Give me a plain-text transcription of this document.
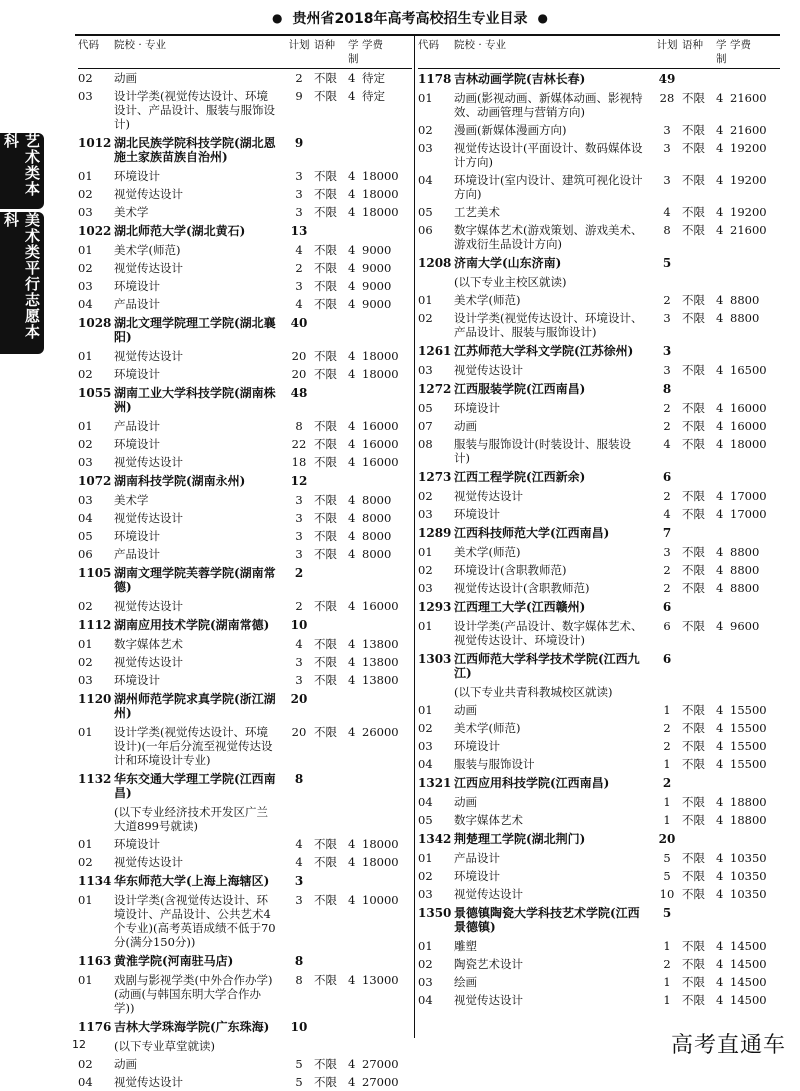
● 贵州省2018年高考高校招生专业目录 ●
艺术类本科
美术类平行志愿本科
代码	院校 · 专业	计划 语种	学制
学费
02	动画	2 不限 4 待定
03	设计学类(视觉传达设计、环境设计、产品设计、服装与服饰设计)
9 不限 4 待定
1012 湖北民族学院科技学院(湖北恩施土家族苗族自治州)
9
01	环境设计	3 不限 4 18000
02	视觉传达设计	3 不限 4 18000
03	美术学	3 不限 4 18000
1022 湖北师范大学(湖北黄石)	13
01	美术学(师范)	4 不限 4 9000
02	视觉传达设计	2 不限 4 9000
03	环境设计	3 不限 4 9000
04	产品设计	4 不限 4 9000
1028 湖北文理学院理工学院(湖北襄阳)
40
01	视觉传达设计	20 不限 4 18000
02	环境设计	20 不限 4 18000
1055 湖南工业大学科技学院(湖南株洲)
48
01	产品设计	8 不限 4 16000
02	环境设计	22 不限 4 16000
03	视觉传达设计	18 不限 4 16000
1072 湖南科技学院(湖南永州)	12
03	美术学	3 不限 4 8000
04	视觉传达设计	3 不限 4 8000
05	环境设计	3 不限 4 8000
06	产品设计	3 不限 4 8000
1105 湖南文理学院芙蓉学院(湖南常德)
2
02	视觉传达设计	2 不限 4 16000
1112 湖南应用技术学院(湖南常德)	10
01	数字媒体艺术	4 不限 4 13800
02	视觉传达设计	3 不限 4 13800
03	环境设计	3 不限 4 13800
1120 湖州师范学院求真学院(浙江湖州)
20
01	设计学类(视觉传达设计、环境设计)(一年后分流至视觉传达设计和环境设计专业)
20 不限 4 26000
1132 华东交通大学理工学院(江西南昌)
8
(以下专业经济技术开发区广兰大道899号就读)
01	环境设计	4 不限 4 18000
02	视觉传达设计	4 不限 4 18000
1134 华东师范大学(上海上海辖区)	3
01	设计学类(含视觉传达设计、环境设计、产品设计、公共艺术4个专业)(高考英语成绩不低于70分(满分150分))
3 不限 4 10000
1163 黄淮学院(河南驻马店)	8
01	戏剧与影视学类(中外合作办学)(动画(与韩国东明大学合作办学))
8 不限 4 13000
1176 吉林大学珠海学院(广东珠海)	10
(以下专业草堂就读)
02	动画	5 不限 4 27000
04	视觉传达设计	5 不限 4 27000
代码	院校 · 专业	计划 语种	学制
学费
1178 吉林动画学院(吉林长春)	49
01	动画(影视动画、新媒体动画、影视特效、动画管理与营销方向)
28 不限 4 21600
02	漫画(新媒体漫画方向)	3 不限 4 21600
03	视觉传达设计(平面设计、数码媒体设计方向)
3 不限 4 19200
04	环境设计(室内设计、建筑可视化设计方向)
3 不限 4 19200
05	工艺美术	4 不限 4 19200
06	数字媒体艺术(游戏策划、游戏美术、游戏衍生品设计方向)
8 不限 4 21600
1208 济南大学(山东济南)	5
(以下专业主校区就读)
01	美术学(师范)	2 不限 4 8800
02	设计学类(视觉传达设计、环境设计、产品设计、服装与服饰设计)
3 不限 4 8800
1261 江苏师范大学科文学院(江苏徐州)	3
03	视觉传达设计	3 不限 4 16500
1272 江西服装学院(江西南昌)	8
05	环境设计	2 不限 4 16000
07	动画	2 不限 4 16000
08	服装与服饰设计(时装设计、服装设计)
4 不限 4 18000
1273 江西工程学院(江西新余)	6
02	视觉传达设计	2 不限 4 17000
03	环境设计	4 不限 4 17000
1289 江西科技师范大学(江西南昌)	7
01	美术学(师范)	3 不限 4 8800
02	环境设计(含职教师范)	2 不限 4 8800
03	视觉传达设计(含职教师范)	2 不限 4 8800
1293 江西理工大学(江西赣州)	6
01	设计学类(产品设计、数字媒体艺术、视觉传达设计、环境设计)
6 不限 4 9600
1303 江西师范大学科学技术学院(江西九江)
6
(以下专业共青科教城校区就读)
01	动画	1 不限 4 15500
02	美术学(师范)	2 不限 4 15500
03	环境设计	2 不限 4 15500
04	服装与服饰设计	1 不限 4 15500
1321 江西应用科技学院(江西南昌)	2
04	动画	1 不限 4 18800
05	数字媒体艺术	1 不限 4 18800
1342 荆楚理工学院(湖北荆门)	20
01	产品设计	5 不限 4 10350
02	环境设计	5 不限 4 10350
03	视觉传达设计	10 不限 4 10350
1350 景德镇陶瓷大学科技艺术学院(江西景德镇)
5
01	雕塑	1 不限 4 14500
02	陶瓷艺术设计	2 不限 4 14500
03	绘画	1 不限 4 14500
04	视觉传达设计	1 不限 4 14500
12	高考直通车
